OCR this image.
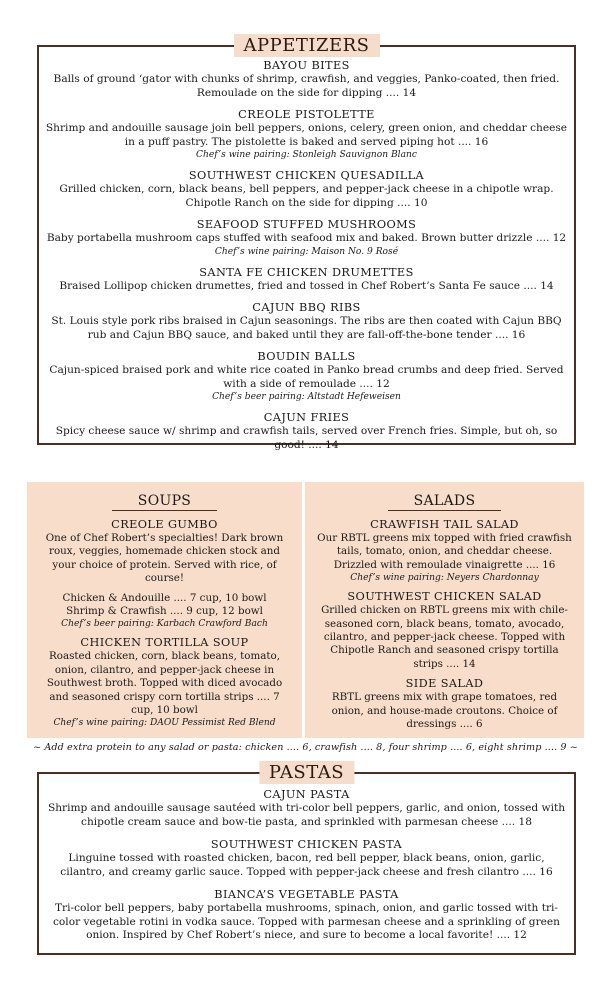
APPETIZERS
BAYOU BITES
Balls of ground ‘gator with chunks of shrimp, crawfish, and veggies, Panko-coated, then fried. Remoulade on the side for dipping .... 14
CREOLE PISTOLETTE
Shrimp and andouille sausage join bell peppers, onions, celery, green onion, and cheddar cheese in a puff pastry. The pistolette is baked and served piping hot .... 16
Chef’s wine pairing: Stonleigh Sauvignon Blanc
SOUTHWEST CHICKEN QUESADILLA
Grilled chicken, corn, black beans, bell peppers, and pepper-jack cheese in a chipotle wrap. Chipotle Ranch on the side for dipping .... 10
SEAFOOD STUFFED MUSHROOMS
Baby portabella mushroom caps stuffed with seafood mix and baked. Brown butter drizzle .... 12
Chef’s wine pairing: Maison No. 9 Rosé
SANTA FE CHICKEN DRUMETTES
Braised Lollipop chicken drumettes, fried and tossed in Chef Robert’s Santa Fe sauce .... 14
CAJUN BBQ RIBS
St. Louis style pork ribs braised in Cajun seasonings. The ribs are then coated with Cajun BBQ rub and Cajun BBQ sauce, and baked until they are fall-off-the-bone tender .... 16
BOUDIN BALLS
Cajun-spiced braised pork and white rice coated in Panko bread crumbs and deep fried. Served with a side of remoulade .... 12
Chef’s beer pairing: Altstadt Hefeweisen
CAJUN FRIES
Spicy cheese sauce w/ shrimp and crawfish tails, served over French fries. Simple, but oh, so good! .... 14
SOUPS
CREOLE GUMBO
One of Chef Robert’s specialties! Dark brown roux, veggies, homemade chicken stock and your choice of protein. Served with rice, of course!
Chicken & Andouille .... 7 cup, 10 bowl
Shrimp & Crawfish .... 9 cup, 12 bowl
Chef’s beer pairing: Karbach Crawford Bach
CHICKEN TORTILLA SOUP
Roasted chicken, corn, black beans, tomato, onion, cilantro, and pepper-jack cheese in Southwest broth. Topped with diced avocado and seasoned crispy corn tortilla strips .... 7 cup, 10 bowl
Chef’s wine pairing: DAOU Pessimist Red Blend
SALADS
CRAWFISH TAIL SALAD
Our RBTL greens mix topped with fried crawfish tails, tomato, onion, and cheddar cheese. Drizzled with remoulade vinaigrette .... 16
Chef’s wine pairing: Neyers Chardonnay
SOUTHWEST CHICKEN SALAD
Grilled chicken on RBTL greens mix with chile-seasoned corn, black beans, tomato, avocado, cilantro, and pepper-jack cheese. Topped with Chipotle Ranch and seasoned crispy tortilla strips .... 14
SIDE SALAD
RBTL greens mix with grape tomatoes, red onion, and house-made croutons. Choice of dressings .... 6
~ Add extra protein to any salad or pasta: chicken .... 6, crawfish .... 8, four shrimp .... 6, eight shrimp .... 9 ~
PASTAS
CAJUN PASTA
Shrimp and andouille sausage sautéed with tri-color bell peppers, garlic, and onion, tossed with chipotle cream sauce and bow-tie pasta, and sprinkled with parmesan cheese .... 18
SOUTHWEST CHICKEN PASTA
Linguine tossed with roasted chicken, bacon, red bell pepper, black beans, onion, garlic, cilantro, and creamy garlic sauce. Topped with pepper-jack cheese and fresh cilantro .... 16
BIANCA’S VEGETABLE PASTA
Tri-color bell peppers, baby portabella mushrooms, spinach, onion, and garlic tossed with tri-color vegetable rotini in vodka sauce. Topped with parmesan cheese and a sprinkling of green onion. Inspired by Chef Robert’s niece, and sure to become a local favorite! .... 12
